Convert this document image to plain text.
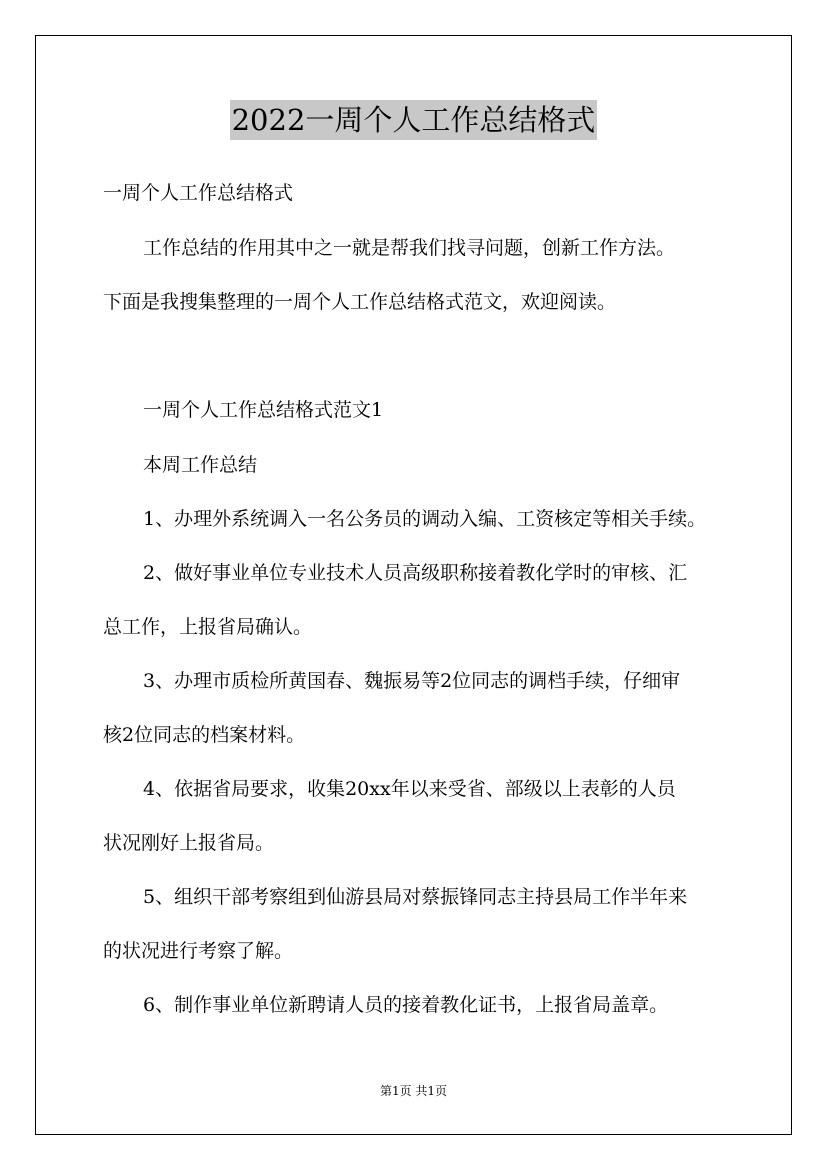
2022一周个人工作总结格式
一周个人工作总结格式
工作总结的作用其中之一就是帮我们找寻问题，创新工作方法。
下面是我搜集整理的一周个人工作总结格式范文，欢迎阅读。
一周个人工作总结格式范文1
本周工作总结
1、办理外系统调入一名公务员的调动入编、工资核定等相关手续。
2、做好事业单位专业技术人员高级职称接着教化学时的审核、汇
总工作，上报省局确认。
3、办理市质检所黄国春、魏振易等2位同志的调档手续，仔细审
核2位同志的档案材料。
4、依据省局要求，收集20xx年以来受省、部级以上表彰的人员
状况刚好上报省局。
5、组织干部考察组到仙游县局对蔡振锋同志主持县局工作半年来
的状况进行考察了解。
6、制作事业单位新聘请人员的接着教化证书，上报省局盖章。
第1页 共1页
